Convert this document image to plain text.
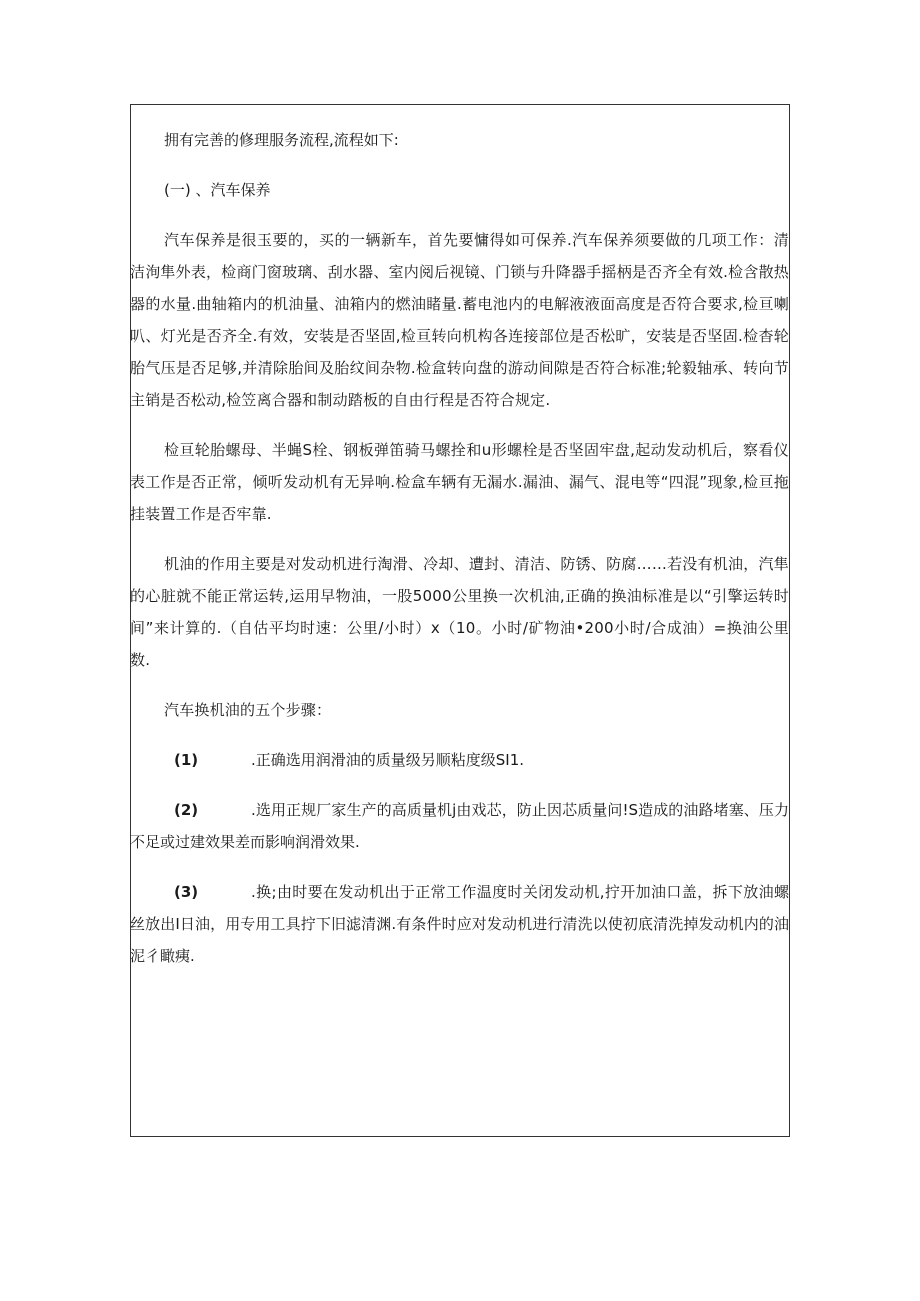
拥有完善的修理服务流程,流程如下:

(一) 、汽车保养

汽车保养是很玉要的，买的一辆新车，首先要慵得如可保养.汽车保养须要做的几项工作：清洁洵隼外表，检商门窗玻璃、刮水器、室内阅后视镜、门锁与升降器手摇柄是否齐全有效.检含散热器的水量.曲轴箱内的机油量、油箱内的燃油睹量.蓄电池内的电解液液面高度是否符合要求,检亘喇叭、灯光是否齐全.有效，安装是否坚固,检亘转向机构各连接部位是否松旷，安装是否坚固.检杳轮胎气压是否足够,并清除胎间及胎纹间杂物.检盒转向盘的游动间隙是否符合标准;轮毅轴承、转向节主销是否松动,检笠离合器和制动踏板的自由行程是否符合规定.

检亘轮胎螺母、半蝇S栓、钢板弹笛骑马螺拴和u形螺栓是否坚固牢盘,起动发动机后，察看仪表工作是否正常，倾听发动机有无异响.检盒车辆有无漏水.漏油、漏气、混电等“四混”现象,检亘拖挂装置工作是否牢靠.

机油的作用主要是对发动机进行淘滑、冷却、遭封、清洁、防锈、防腐……若没有机油，汽隼的心脏就不能正常运转,运用早物油，一股5000公里换一次机油,正确的换油标准是以“引擎运转时间”来计算的.（自估平均时速：公里/小时）x（10。小时/矿物油•200小时/合成油）=换油公里数.

汽车换机油的五个步骤：

(1)	.正确选用润滑油的质量级另顺粘度级SI1.

(2)	.选用正规厂家生产的高质量机j由戏芯，防止因芯质量问!S造成的油路堵塞、压力不足或过建效果差而影响润滑效果.

(3)	.换;由时要在发动机出于正常工作温度时关闭发动机,拧开加油口盖，拆下放油螺丝放出I日油，用专用工具拧下旧滤清渊.有条件时应对发动机进行清洗以使初底清洗掉发动机内的油泥彳瞰痍.
